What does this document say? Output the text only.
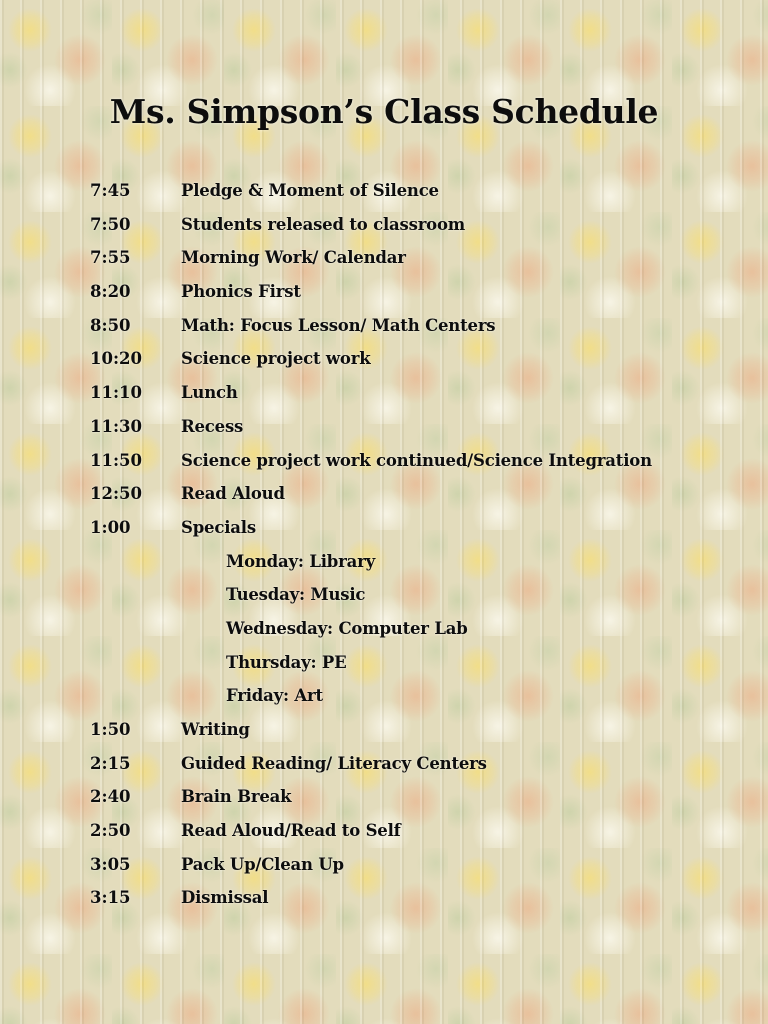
Ms. Simpson’s Class Schedule
7:45	Pledge & Moment of Silence
7:50	Students released to classroom
7:55	Morning Work/ Calendar
8:20	Phonics First
8:50	Math: Focus Lesson/ Math Centers
10:20 Science project work
11:10 Lunch
11:30 Recess
11:50 Science project work continued/Science Integration
12:50 Read Aloud
1:00	Specials
Monday: Library
Tuesday: Music
Wednesday: Computer Lab
Thursday: PE
Friday: Art
1:50	Writing
2:15	Guided Reading/ Literacy Centers
2:40	Brain Break
2:50	Read Aloud/Read to Self
3:05	Pack Up/Clean Up
3:15	Dismissal
